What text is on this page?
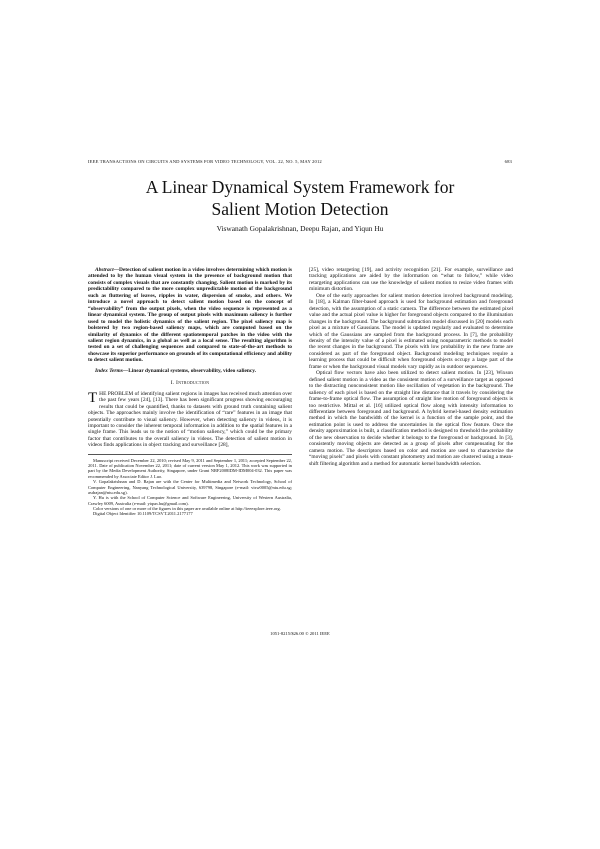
IEEE TRANSACTIONS ON CIRCUITS AND SYSTEMS FOR VIDEO TECHNOLOGY, VOL. 22, NO. 5, MAY 2012	683
A Linear Dynamical System Framework for
Salient Motion Detection
Viswanath Gopalakrishnan, Deepu Rajan, and Yiqun Hu

Abstract—Detection of salient motion in a video involves determining which motion is attended to by the human visual system in the presence of background motion that consists of complex visuals that are constantly changing. Salient motion is marked by its predictability compared to the more complex unpredictable motion of the background such as fluttering of leaves, ripples in water, dispersion of smoke, and others. We introduce a novel approach to detect salient motion based on the concept of “observability” from the output pixels, when the video sequence is represented as a linear dynamical system. The group of output pixels with maximum saliency is further used to model the holistic dynamics of the salient region. The pixel saliency map is bolstered by two region-based saliency maps, which are computed based on the similarity of dynamics of the different spatiotemporal patches in the video with the salient region dynamics, in a global as well as a local sense. The resulting algorithm is tested on a set of challenging sequences and compared to state-of-the-art methods to showcase its superior performance on grounds of its computational efficiency and ability to detect salient motion.

Index Terms—Linear dynamical systems, observability, video saliency.

I. Introduction
THE PROBLEM of identifying salient regions in images has received much attention over the past few years [24], [13]. There has been significant progress showing encouraging results that could be quantified, thanks to datasets with ground truth containing salient objects. The approaches mainly involve the identification of “rare” features in an image that potentially contribute to visual saliency. However, when detecting saliency in videos, it is important to consider the inherent temporal information in addition to the spatial features in a single frame. This leads us to the notion of “motion saliency,” which could be the primary factor that contributes to the overall saliency in videos. The detection of salient motion in videos finds applications in object tracking and surveillance [28],

Manuscript received December 22, 2010; revised May 9, 2011 and September 1, 2011; accepted September 22, 2011. Date of publication November 22, 2011; date of current version May 1, 2012. This work was supported in part by the Media Development Authority, Singapore, under Grant NRF2008IDM-IDM004-032. This paper was recommended by Associate Editor J. Luo.

V. Gopalakrishnan and D. Rajan are with the Center for Multimedia and Network Technology, School of Computer Engineering, Nanyang Technological University, 639798, Singapore (e-mail: visw0005@ntu.edu.sg; asdrajan@ntu.edu.sg).

Y. Hu is with the School of Computer Science and Software Engineering, University of Western Australia, Crawley 6009, Australia (e-mail: yiqun.hu@gmail.com).

Color versions of one or more of the figures in this paper are available online at http://ieeexplore.ieee.org.

Digital Object Identifier 10.1109/TCSVT.2011.2177177

[25], video retargeting [19], and activity recognition [21]. For example, surveillance and tracking applications are aided by the information on “what to follow,” while video retargeting applications can use the knowledge of salient motion to resize video frames with minimum distortion.

One of the early approaches for salient motion detection involved background modeling. In [18], a Kalman filter-based approach is used for background estimation and foreground detection, with the assumption of a static camera. The difference between the estimated pixel value and the actual pixel value is higher for foreground objects compared to the illumination changes in the background. The background subtraction model discussed in [20] models each pixel as a mixture of Gaussians. The model is updated regularly and evaluated to determine which of the Gaussians are sampled from the background process. In [7], the probability density of the intensity value of a pixel is estimated using nonparametric methods to model the recent changes in the background. The pixels with low probability in the new frame are considered as part of the foreground object. Background modeling techniques require a learning process that could be difficult when foreground objects occupy a large part of the frame or when the background visual models vary rapidly as in outdoor sequences.

Optical flow vectors have also been utilized to detect salient motion. In [23], Wixson defined salient motion in a video as the consistent motion of a surveillance target as opposed to the distracting nonconsistent motion like oscillation of vegetation in the background. The saliency of each pixel is based on the straight line distance that it travels by considering the frame-to-frame optical flow. The assumption of straight line motion of foreground objects is too restrictive. Mittal et al. [16] utilized optical flow along with intensity information to differentiate between foreground and background. A hybrid kernel-based density estimation method in which the bandwidth of the kernel is a function of the sample point, and the estimation point is used to address the uncertainties in the optical flow feature. Once the density approximation is built, a classification method is designed to threshold the probability of the new observation to decide whether it belongs to the foreground or background. In [3], consistently moving objects are detected as a group of pixels after compensating for the camera motion. The descriptors based on color and motion are used to characterize the “moving pixels” and pixels with constant photometry and motion are clustered using a mean-shift filtering algorithm and a method for automatic kernel bandwidth selection.

1051-8215/$26.00 © 2011 IEEE
